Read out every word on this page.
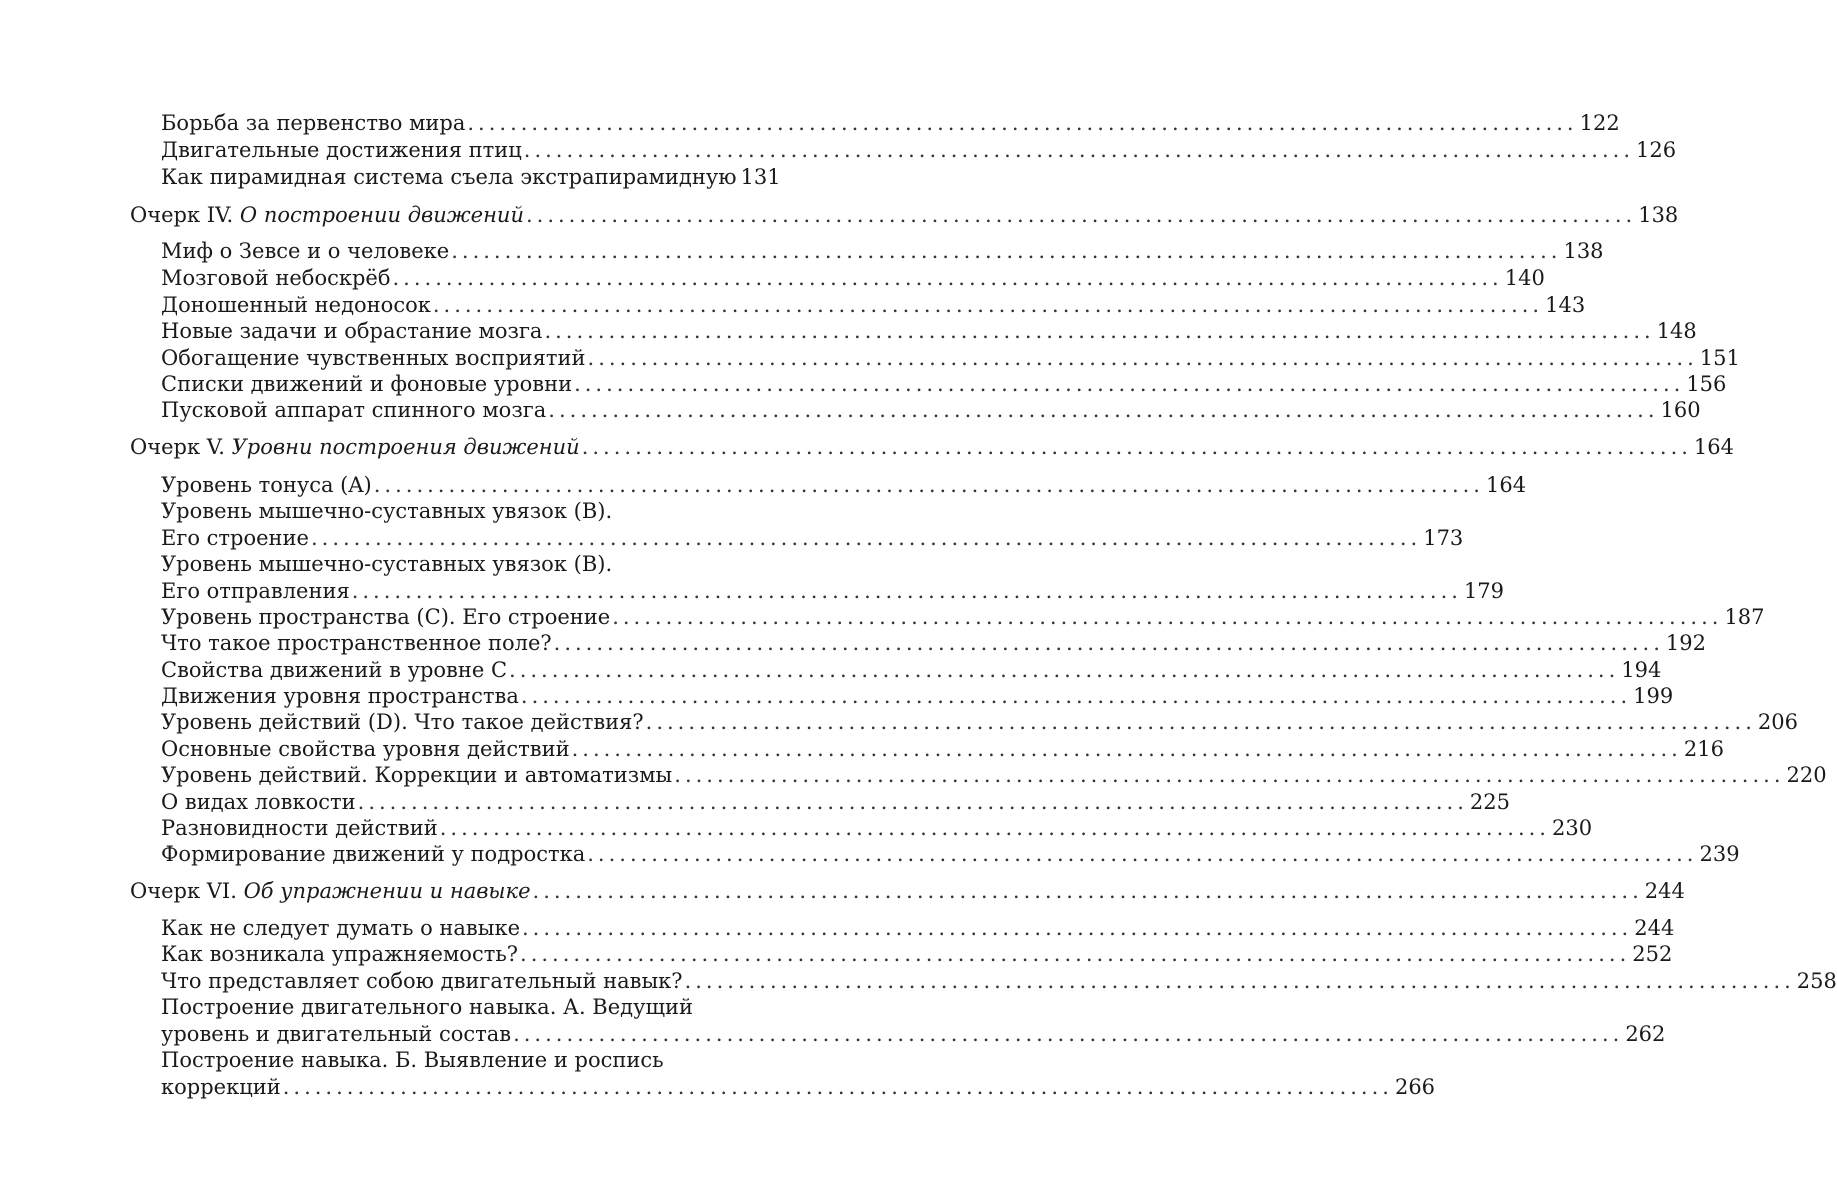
Борьба за первенство мира ........................................................................................................ 122
Двигательные достижения птиц ........................................................................................................ 126
Как пирамидная система съела экстрапирамидную 131
Очерк IV. О построении движений ........................................................................................................ 138
Миф о Зевсе и о человеке ........................................................................................................ 138
Мозговой небоскрёб ........................................................................................................ 140
Доношенный недоносок ........................................................................................................ 143
Новые задачи и обрастание мозга ........................................................................................................ 148
Обогащение чувственных восприятий ........................................................................................................ 151
Списки движений и фоновые уровни ........................................................................................................ 156
Пусковой аппарат спинного мозга ........................................................................................................ 160
Очерк V. Уровни построения движений ........................................................................................................ 164
Уровень тонуса (A) ........................................................................................................ 164
Уровень мышечно-суставных увязок (B).
Его строение ........................................................................................................ 173
Уровень мышечно-суставных увязок (B).
Его отправления ........................................................................................................ 179
Уровень пространства (C). Его строение ........................................................................................................ 187
Что такое пространственное поле? ........................................................................................................ 192
Свойства движений в уровне C ........................................................................................................ 194
Движения уровня пространства ........................................................................................................ 199
Уровень действий (D). Что такое действия? ........................................................................................................ 206
Основные свойства уровня действий ........................................................................................................ 216
Уровень действий. Коррекции и автоматизмы ........................................................................................................ 220
О видах ловкости ........................................................................................................ 225
Разновидности действий ........................................................................................................ 230
Формирование движений у подростка ........................................................................................................ 239
Очерк VI. Об упражнении и навыке ........................................................................................................ 244
Как не следует думать о навыке ........................................................................................................ 244
Как возникала упражняемость? ........................................................................................................ 252
Что представляет собою двигательный навык? ........................................................................................................ 258
Построение двигательного навыка. А. Ведущий
уровень и двигательный состав ........................................................................................................ 262
Построение навыка. Б. Выявление и роспись
коррекций ........................................................................................................ 266
